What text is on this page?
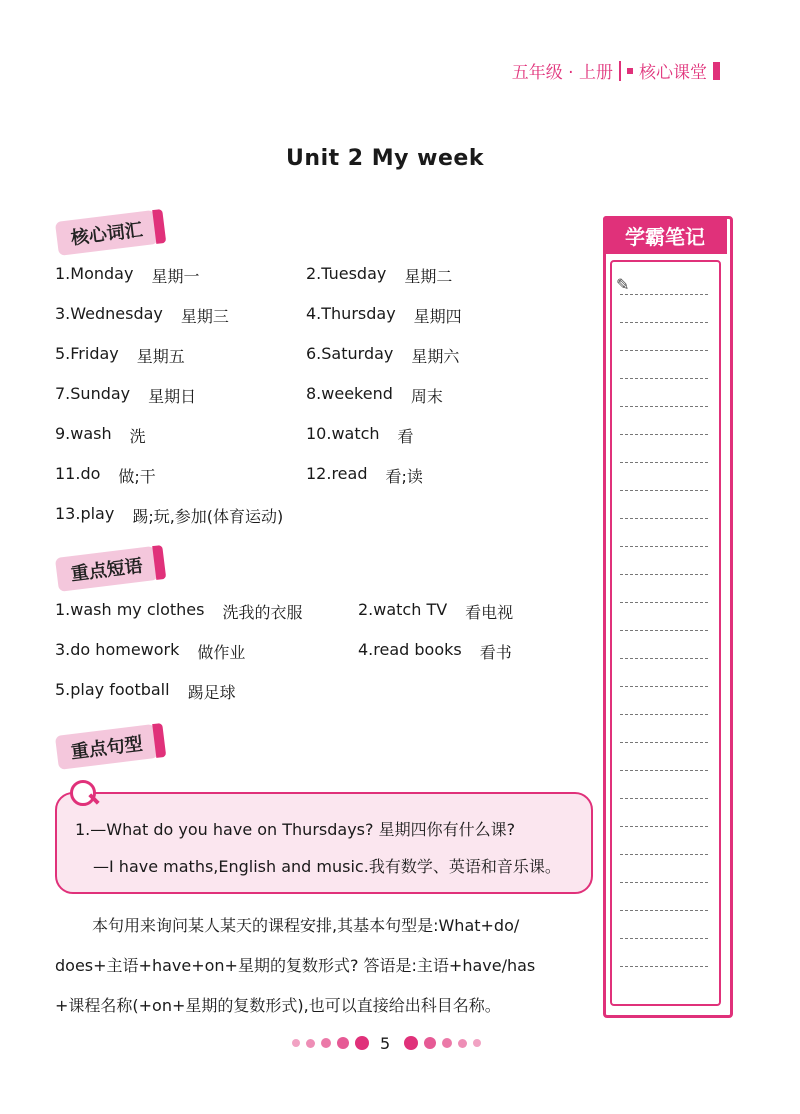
五年级 · 上册 核心课堂
Unit 2 My week
核心词汇
1.Monday 星期一	2.Tuesday 星期二
3.Wednesday 星期三	4.Thursday 星期四
5.Friday 星期五	6.Saturday 星期六
7.Sunday 星期日	8.weekend 周末
9.wash 洗	10.watch 看
11.do 做;干	12.read 看;读
13.play 踢;玩,参加(体育运动)
重点短语
1.wash my clothes 洗我的衣服	2.watch TV 看电视
3.do homework 做作业	4.read books 看书
5.play football 踢足球
重点句型
1.—What do you have on Thursdays? 星期四你有什么课?
—I have maths,English and music.我有数学、英语和音乐课。
本句用来询问某人某天的课程安排,其基本句型是:What+do/
does+主语+have+on+星期的复数形式? 答语是:主语+have/has
+课程名称(+on+星期的复数形式),也可以直接给出科目名称。
学霸笔记
✎
5
